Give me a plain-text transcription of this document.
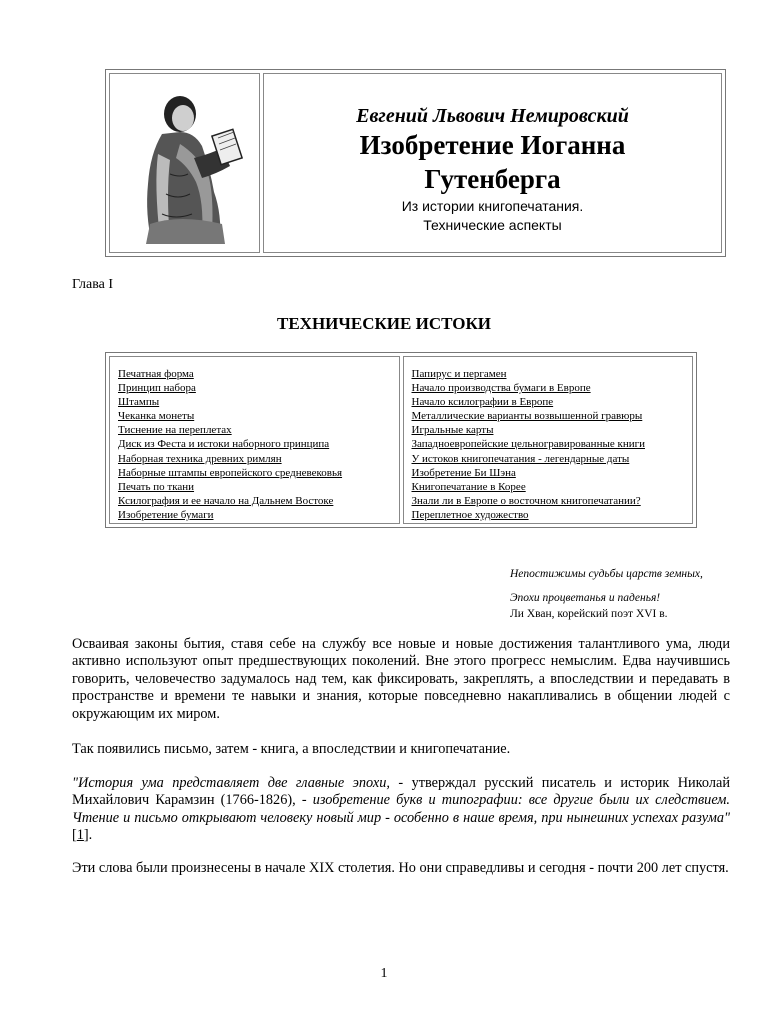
Евгений Львович Немировский
Изобретение Иоганна Гутенберга
Из истории книгопечатания.
Технические аспекты
Глава I
ТЕХНИЧЕСКИЕ ИСТОКИ
Печатная форма
Принцип набора
Штампы
Чеканка монеты
Тиснение на переплетах
Диск из Феста и истоки наборного принципа
Наборная техника древних римлян
Наборные штампы европейского средневековья
Печать по ткани
Ксилография и ее начало на Дальнем Востоке
Изобретение бумаги
Папирус и пергамен
Начало производства бумаги в Европе
Начало ксилографии в Европе
Металлические варианты возвышенной гравюры
Игральные карты
Западноевропейские цельногравированные книги
У истоков книгопечатания - легендарные даты
Изобретение Би Шэна
Книгопечатание в Корее
Знали ли в Европе о восточном книгопечатании?
Переплетное художество
Непостижимы судьбы царств земных,
Эпохи процветанья и паденья!
Ли Хван, корейский поэт XVI в.

Осваивая законы бытия, ставя себе на службу все новые и новые достижения талантливого ума, люди активно используют опыт предшествующих поколений. Вне этого прогресс немыслим. Едва научившись говорить, человечество задумалось над тем, как фиксировать, закреплять, а впоследствии и передавать в пространстве и времени те навыки и знания, которые повседневно накапливались в общении людей с окружающим их миром.

Так появились письмо, затем - книга, а впоследствии и книгопечатание.

"История ума представляет две главные эпохи, - утверждал русский писатель и историк Николай Михайлович Карамзин (1766-1826), - изобретение букв и типографии: все другие были их следствием. Чтение и письмо открывают человеку новый мир - особенно в наше время, при нынешних успехах разума" [1].

Эти слова были произнесены в начале XIX столетия. Но они справедливы и сегодня - почти 200 лет спустя.

1
